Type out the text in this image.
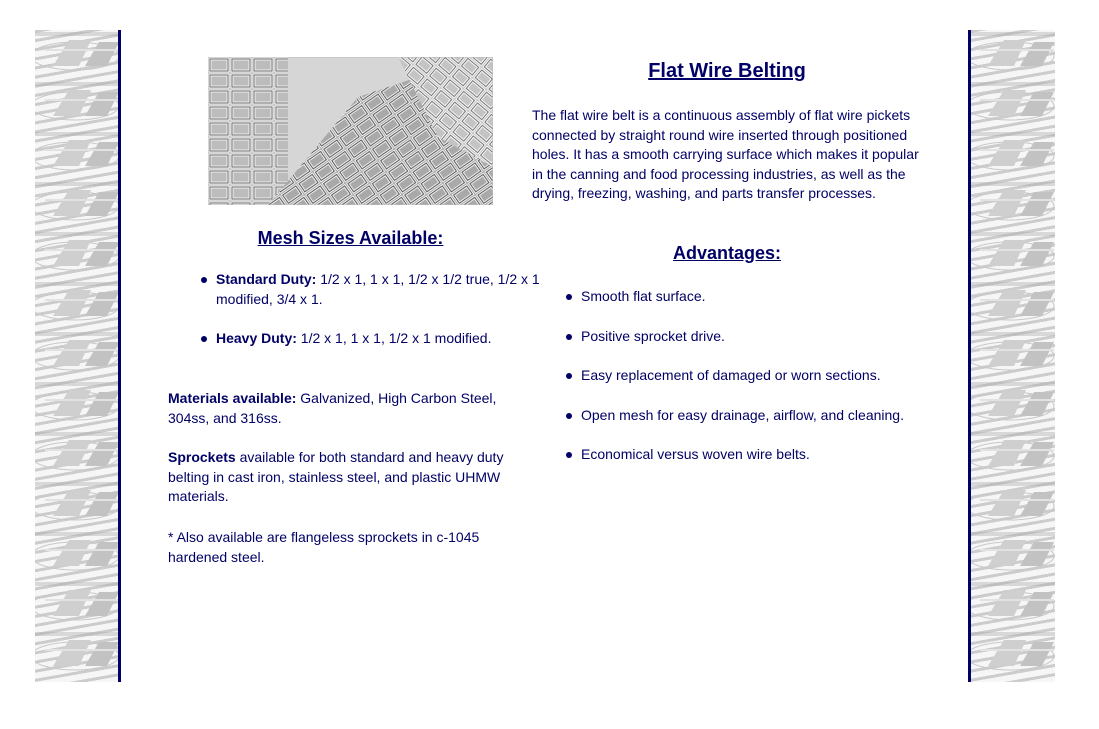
Flat Wire Belting

The flat wire belt is a continuous assembly of flat wire pickets connected by straight round wire inserted through positioned holes. It has a smooth carrying surface which makes it popular in the canning and food processing industries, as well as the drying, freezing, washing, and parts transfer processes.

Advantages:
Smooth flat surface.
Positive sprocket drive.
Easy replacement of damaged or worn sections.
Open mesh for easy drainage, airflow, and cleaning.
Economical versus woven wire belts.
Mesh Sizes Available:
Standard Duty: 1/2 x 1, 1 x 1, 1/2 x 1/2 true, 1/2 x 1 modified, 3/4 x 1.
Heavy Duty: 1/2 x 1, 1 x 1, 1/2 x 1 modified.

Materials available: Galvanized, High Carbon Steel, 304ss, and 316ss.

Sprockets available for both standard and heavy duty belting in cast iron, stainless steel, and plastic UHMW materials.

* Also available are flangeless sprockets in c-1045 hardened steel.
